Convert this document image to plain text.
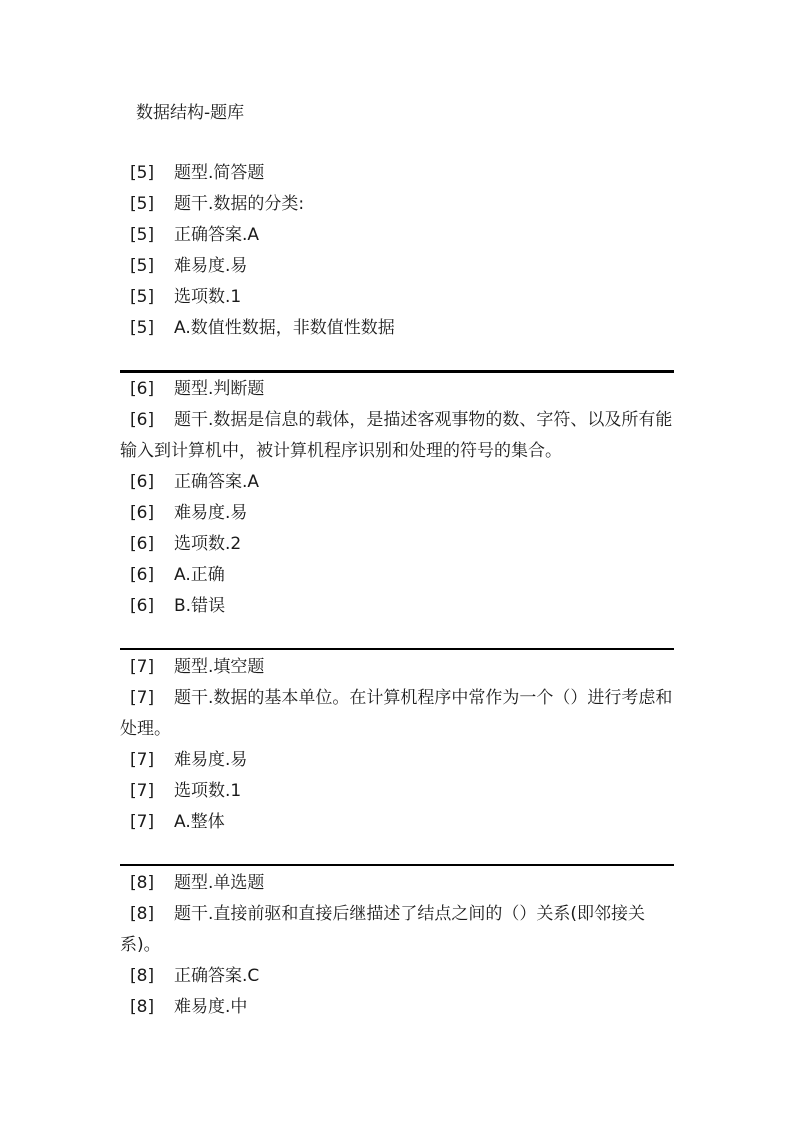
数据结构-题库
[5]	题型.简答题
[5]	题干.数据的分类:
[5]	正确答案.A
[5]	难易度.易
[5]	选项数.1
[5]	A.数值性数据，非数值性数据
[6]	题型.判断题
[6] 题干.数据是信息的载体，是描述客观事物的数、字符、以及所有能输入到计算机中，被计算机程序识别和处理的符号的集合。
[6]	正确答案.A
[6]	难易度.易
[6]	选项数.2
[6]	A.正确
[6]	B.错误
[7]	题型.填空题
[7] 题干.数据的基本单位。在计算机程序中常作为一个（）进行考虑和处理。
[7]	难易度.易
[7]	选项数.1
[7]	A.整体
[8]	题型.单选题
[8] 题干.直接前驱和直接后继描述了结点之间的（）关系(即邻接关系)。
[8]	正确答案.C
[8]	难易度.中
